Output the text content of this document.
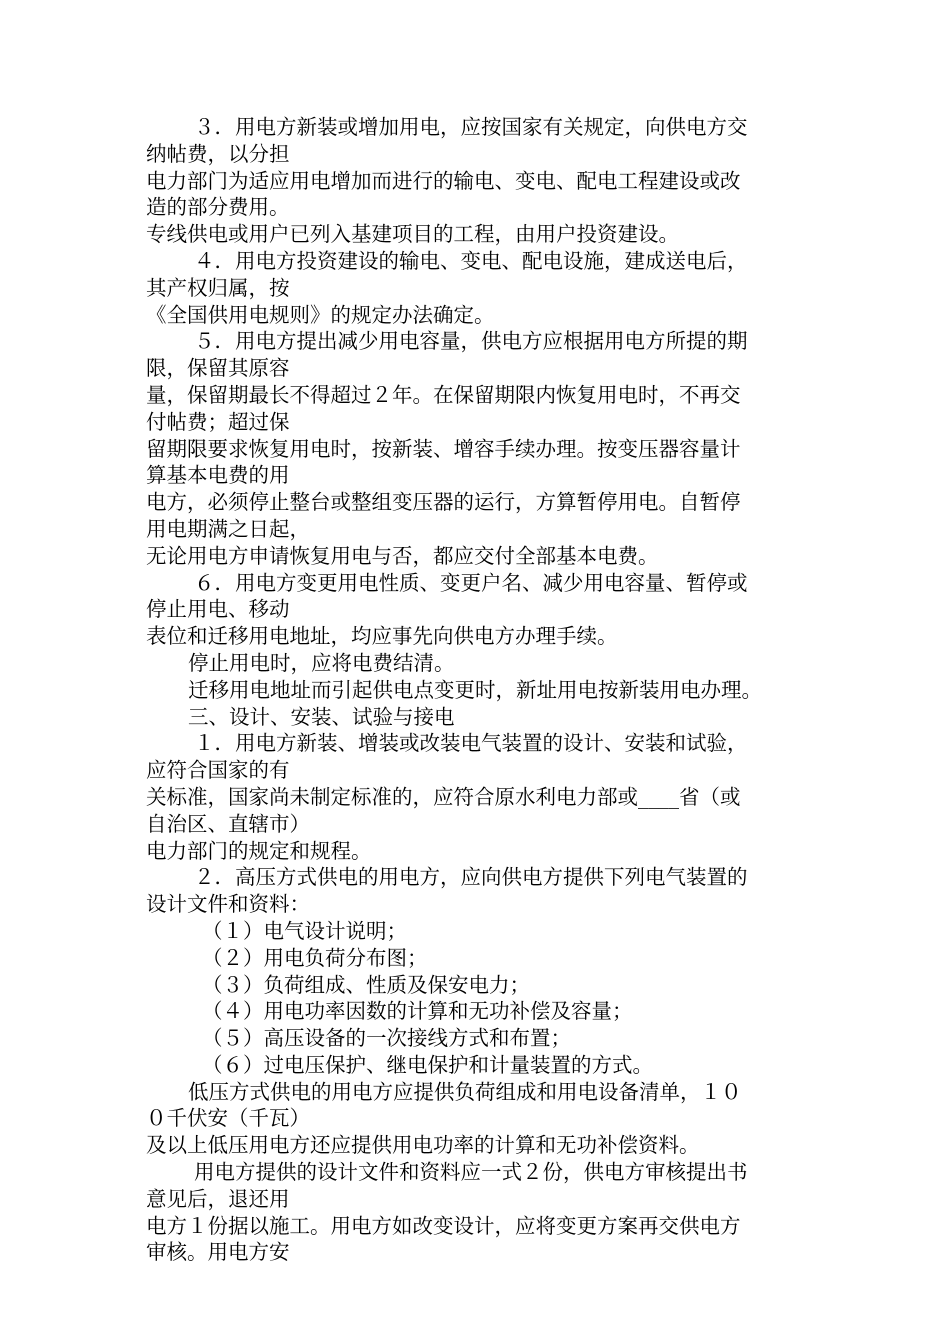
３．用电方新装或增加用电，应按国家有关规定，向供电方交
纳帖费，以分担
电力部门为适应用电增加而进行的输电、变电、配电工程建设或改
造的部分费用。
专线供电或用户已列入基建项目的工程，由用户投资建设。
４．用电方投资建设的输电、变电、配电设施，建成送电后，
其产权归属，按
《全国供用电规则》的规定办法确定。
５．用电方提出减少用电容量，供电方应根据用电方所提的期
限，保留其原容
量，保留期最长不得超过２年。在保留期限内恢复用电时，不再交
付帖费；超过保
留期限要求恢复用电时，按新装、增容手续办理。按变压器容量计
算基本电费的用
电方，必须停止整台或整组变压器的运行，方算暂停用电。自暂停
用电期满之日起，
无论用电方申请恢复用电与否，都应交付全部基本电费。
６．用电方变更用电性质、变更户名、减少用电容量、暂停或
停止用电、移动
表位和迁移用电地址，均应事先向供电方办理手续。
停止用电时，应将电费结清。
迁移用电地址而引起供电点变更时，新址用电按新装用电办理。
三、设计、安装、试验与接电
１．用电方新装、增装或改装电气装置的设计、安装和试验，
应符合国家的有
关标准，国家尚未制定标准的，应符合原水利电力部或____省（或
自治区、直辖市）
电力部门的规定和规程。
２．高压方式供电的用电方，应向供电方提供下列电气装置的
设计文件和资料：
（１）电气设计说明；
（２）用电负荷分布图；
（３）负荷组成、性质及保安电力；
（４）用电功率因数的计算和无功补偿及容量；
（５）高压设备的一次接线方式和布置；
（６）过电压保护、继电保护和计量装置的方式。
低压方式供电的用电方应提供负荷组成和用电设备清单，１０
０千伏安（千瓦）
及以上低压用电方还应提供用电功率的计算和无功补偿资料。
用电方提供的设计文件和资料应一式２份，供电方审核提出书
意见后，退还用
电方１份据以施工。用电方如改变设计，应将变更方案再交供电方
审核。用电方安
